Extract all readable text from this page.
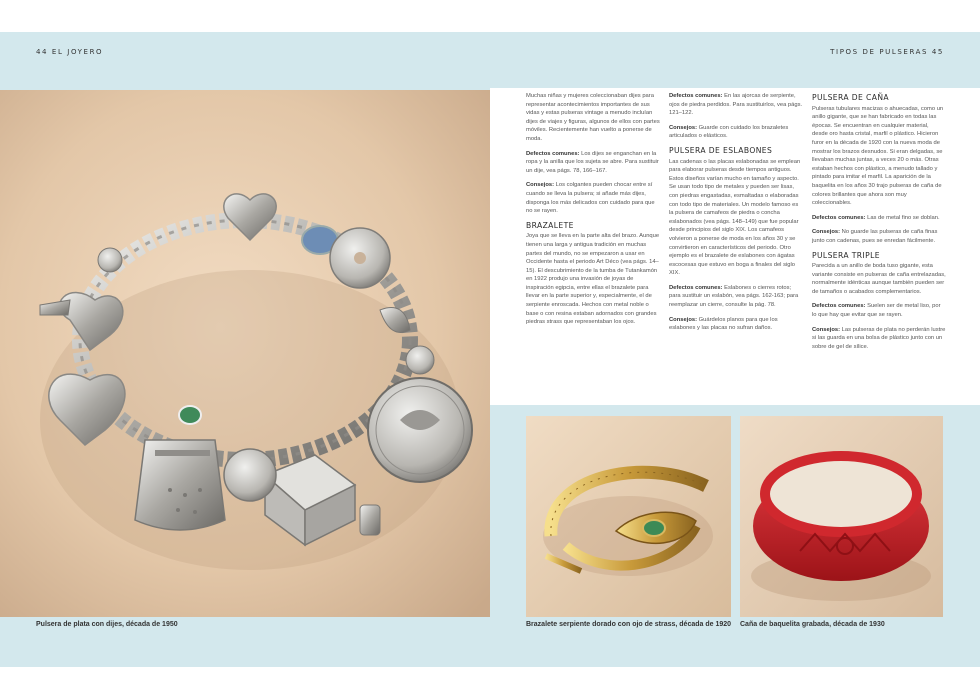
44 EL JOYERO	TIPOS DE PULSERAS 45
Pulsera de plata con dijes, década de 1950

Muchas niñas y mujeres coleccionaban dijes para representar acontecimientos importantes de sus vidas y estas pulseras vintage a menudo incluían dijes de viajes y figuras, algunos de ellos con partes móviles. Recientemente han vuelto a ponerse de moda.

Defectos comunes: Los dijes se enganchan en la ropa y la anilla que los sujeta se abre. Para sustituir un dije, vea págs. 78, 166–167.

Consejos: Los colgantes pueden chocar entre sí cuando se lleva la pulsera; si añade más dijes, disponga los más delicados con cuidado para que no se rayen.

BRAZALETE

Joya que se lleva en la parte alta del brazo. Aunque tienen una larga y antigua tradición en muchas partes del mundo, no se empezaron a usar en Occidente hasta el periodo Art Déco (vea págs. 14–15). El descubrimiento de la tumba de Tutankamón en 1922 produjo una invasión de joyas de inspiración egipcia, entre ellas el brazalete para llevar en la parte superior y, especialmente, el de serpiente enroscada. Hechos con metal noble o base o con resina estaban adornados con grandes piedras strass que representaban los ojos.

Defectos comunes: En las ajorcas de serpiente, ojos de piedra perdidos. Para sustituirlos, vea págs. 121–122.

Consejos: Guarde con cuidado los brazaletes articulados o elásticos.

PULSERA DE ESLABONES

Las cadenas o las placas eslabonadas se emplean para elaborar pulseras desde tiempos antiguos. Estos diseños varían mucho en tamaño y aspecto. Se usan todo tipo de metales y pueden ser lisas, con piedras engastadas, esmaltadas o elaboradas con todo tipo de materiales. Un modelo famoso es la pulsera de camafeos de piedra o concha eslabonados (vea págs. 148–149) que fue popular desde principios del siglo XIX. Los camafeos volvieron a ponerse de moda en los años 30 y se convirtieron en característicos del periodo. Otro ejemplo es el brazalete de eslabones con ágatas escocesas que estuvo en boga a finales del siglo XIX.

Defectos comunes: Eslabones o cierres rotos; para sustituir un eslabón, vea págs. 162-163; para reemplazar un cierre, consulte la pág. 78.

Consejos: Guárdelos planos para que los eslabones y las placas no sufran daños.

PULSERA DE CAÑA

Pulseras tubulares macizas o ahuecadas, como un anillo gigante, que se han fabricado en todas las épocas. Se encuentran en cualquier material, desde oro hasta cristal, marfil o plástico. Hicieron furor en la década de 1920 con la nueva moda de mostrar los brazos desnudos. Si eran delgadas, se llevaban muchas juntas, a veces 20 o más. Otras estaban hechos con plástico, a menudo tallado y pintado para imitar el marfil. La aparición de la baquelita en los años 30 trajo pulseras de caña de colores brillantes que ahora son muy coleccionables.

Defectos comunes: Las de metal fino se doblan.

Consejos: No guarde las pulseras de caña finas junto con cadenas, pues se enredan fácilmente.

PULSERA TRIPLE

Parecida a un anillo de boda tuso gigante, esta variante consiste en pulseras de caña entrelazadas, normalmente idénticas aunque también pueden ser de tamaños o acabados complementarios.

Defectos comunes: Suelen ser de metal liso, por lo que hay que evitar que se rayen.

Consejos: Las pulseras de plata no perderán lustre si las guarda en una bolsa de plástico junto con un sobre de gel de sílice.

Brazalete serpiente dorado con ojo de strass, década de 1920 Caña de baquelita grabada, década de 1930
